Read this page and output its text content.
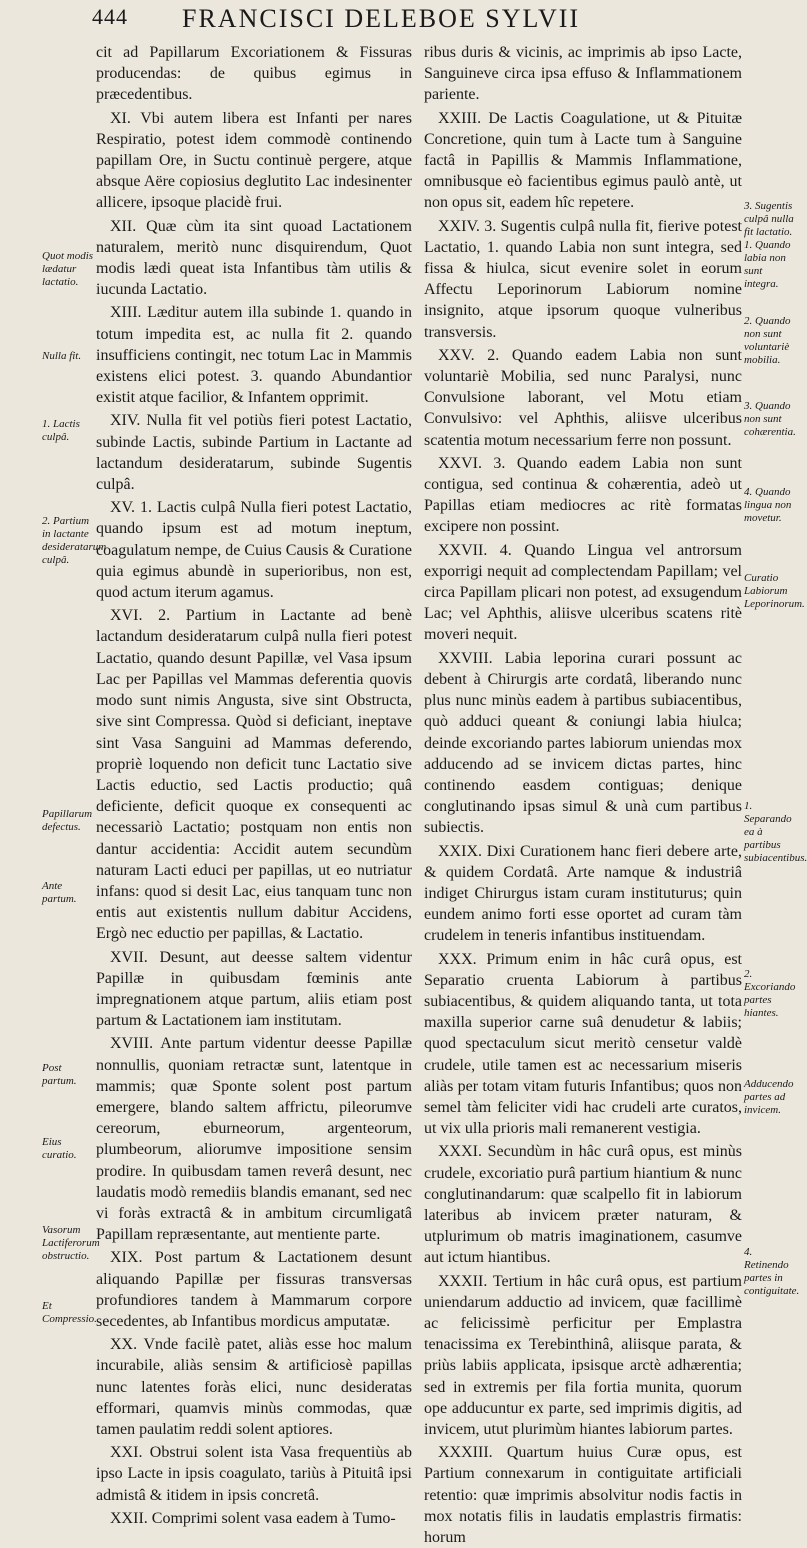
444 FRANCISCI DELEBOE SYLVII

cit ad Papillarum Excoriationem & Fissuras producendas: de quibus egimus in præcedentibus.

XI. Vbi autem libera est Infanti per nares Respiratio, potest idem commodè continendo papillam Ore, in Suctu continuè pergere, atque absque Aëre copiosius deglutito Lac indesinenter allicere, ipsoque placidè frui.

XII. Quæ cùm ita sint quoad Lactationem naturalem, meritò nunc disquirendum, Quot modis lædi queat ista Infantibus tàm utilis & iucunda Lactatio.

XIII. Læditur autem illa subinde 1. quando in totum impedita est, ac nulla fit 2. quando insufficiens contingit, nec totum Lac in Mammis existens elici potest. 3. quando Abundantior existit atque facilior, & Infantem opprimit.

XIV. Nulla fit vel potiùs fieri potest Lactatio, subinde Lactis, subinde Partium in Lactante ad lactandum desideratarum, subinde Sugentis culpâ.

XV. 1. Lactis culpâ Nulla fieri potest Lactatio, quando ipsum est ad motum ineptum, coagulatum nempe, de Cuius Causis & Curatione quia egimus abundè in superioribus, non est, quod actum iterum agamus.

XVI. 2. Partium in Lactante ad benè lactandum desideratarum culpâ nulla fieri potest Lactatio, quando desunt Papillæ, vel Vasa ipsum Lac per Papillas vel Mammas deferentia quovis modo sunt nimis Angusta, sive sint Obstructa, sive sint Compressa. Quòd si deficiant, ineptave sint Vasa Sanguini ad Mammas deferendo, propriè loquendo non deficit tunc Lactatio sive Lactis eductio, sed Lactis productio; quâ deficiente, deficit quoque ex consequenti ac necessariò Lactatio; postquam non entis non dantur accidentia: Accidit autem secundùm naturam Lacti educi per papillas, ut eo nutriatur infans: quod si desit Lac, eius tanquam tunc non entis aut existentis nullum dabitur Accidens, Ergò nec eductio per papillas, & Lactatio.

XVII. Desunt, aut deesse saltem videntur Papillæ in quibusdam fœminis ante impregnationem atque partum, aliis etiam post partum & Lactationem iam institutam.

XVIII. Ante partum videntur deesse Papillæ nonnullis, quoniam retractæ sunt, latentque in mammis; quæ Sponte solent post partum emergere, blando saltem affrictu, pileorumve cereorum, eburneorum, argenteorum, plumbeorum, aliorumve impositione sensim prodire. In quibusdam tamen reverâ desunt, nec laudatis modò remediis blandis emanant, sed nec vi foràs extractâ & in ambitum circumligatâ Papillam repræsentante, aut mentiente parte.

XIX. Post partum & Lactationem desunt aliquando Papillæ per fissuras transversas profundiores tandem à Mammarum corpore secedentes, ab Infantibus mordicus amputatæ.

XX. Vnde facilè patet, aliàs esse hoc malum incurabile, aliàs sensim & artificiosè papillas nunc latentes foràs elici, nunc desideratas efformari, quamvis minùs commodas, quæ tamen paulatim reddi solent aptiores.

XXI. Obstrui solent ista Vasa frequentiùs ab ipso Lacte in ipsis coagulato, tariùs à Pituitâ ipsi admistâ & itidem in ipsis concretâ.

XXII. Comprimi solent vasa eadem à Tumo-

ribus duris & vicinis, ac imprimis ab ipso Lacte, Sanguineve circa ipsa effuso & Inflammationem pariente.

XXIII. De Lactis Coagulatione, ut & Pituitæ Concretione, quin tum à Lacte tum à Sanguine factâ in Papillis & Mammis Inflammatione, omnibusque eò facientibus egimus paulò antè, ut non opus sit, eadem hîc repetere.

XXIV. 3. Sugentis culpâ nulla fit, fierive potest Lactatio, 1. quando Labia non sunt integra, sed fissa & hiulca, sicut evenire solet in eorum Affectu Leporinorum Labiorum nomine insignito, atque ipsorum quoque vulneribus transversis.

XXV. 2. Quando eadem Labia non sunt voluntariè Mobilia, sed nunc Paralysi, nunc Convulsione laborant, vel Motu etiam Convulsivo: vel Aphthis, aliisve ulceribus scatentia motum necessarium ferre non possunt.

XXVI. 3. Quando eadem Labia non sunt contigua, sed continua & cohærentia, adeò ut Papillas etiam mediocres ac ritè formatas excipere non possint.

XXVII. 4. Quando Lingua vel antrorsum exporrigi nequit ad complectendam Papillam; vel circa Papillam plicari non potest, ad exsugendum Lac; vel Aphthis, aliisve ulceribus scatens ritè moveri nequit.

XXVIII. Labia leporina curari possunt ac debent à Chirurgis arte cordatâ, liberando nunc plus nunc minùs eadem à partibus subiacentibus, quò adduci queant & coniungi labia hiulca; deinde excoriando partes labiorum uniendas mox adducendo ad se invicem dictas partes, hinc continendo easdem contiguas; denique conglutinando ipsas simul & unà cum partibus subiectis.

XXIX. Dixi Curationem hanc fieri debere arte, & quidem Cordatâ. Arte namque & industriâ indiget Chirurgus istam curam instituturus; quin eundem animo forti esse oportet ad curam tàm crudelem in teneris infantibus instituendam.

XXX. Primum enim in hâc curâ opus, est Separatio cruenta Labiorum à partibus subiacentibus, & quidem aliquando tanta, ut tota maxilla superior carne suâ denudetur & labiis; quod spectaculum sicut meritò censetur valdè crudele, utile tamen est ac necessarium miseris aliàs per totam vitam futuris Infantibus; quos non semel tàm feliciter vidi hac crudeli arte curatos, ut vix ulla prioris mali remanerent vestigia.

XXXI. Secundùm in hâc curâ opus, est minùs crudele, excoriatio purâ partium hiantium & nunc conglutinandarum: quæ scalpello fit in labiorum lateribus ab invicem præter naturam, & utplurimum ob matris imaginationem, casumve aut ictum hiantibus.

XXXII. Tertium in hâc curâ opus, est partium uniendarum adductio ad invicem, quæ facillimè ac felicissimè perficitur per Emplastra tenacissima ex Terebinthinâ, aliisque parata, & priùs labiis applicata, ipsisque arctè adhærentia; sed in extremis per fila fortia munita, quorum ope adducuntur ex parte, sed imprimis digitis, ad invicem, utut plurimùm hiantes labiorum partes.

XXXIII. Quartum huius Curæ opus, est Partium connexarum in contiguitate artificiali retentio: quæ imprimis absolvitur nodis factis in mox notatis filis in laudatis emplastris firmatis: horum

Quot modis lædatur lactatio.
Nulla fit.
1. Lactis culpâ.
2. Partium in lactante desideratarum culpâ.
Papillarum defectus.
Ante partum.
Post partum.
Eius curatio.
Vasorum Lactiferorum obstructio.
Et Compressio.
3. Sugentis culpâ nulla fit lactatio. 1. Quando labia non sunt integra.
2. Quando non sunt voluntariè mobilia.
3. Quando non sunt cohærentia.
4. Quando lingua non movetur.
Curatio Labiorum Leporinorum.
1. Separando ea à partibus subiacentibus.
2. Excoriando partes hiantes.
Adducendo partes ad invicem.
4. Retinendo partes in contiguitate.
